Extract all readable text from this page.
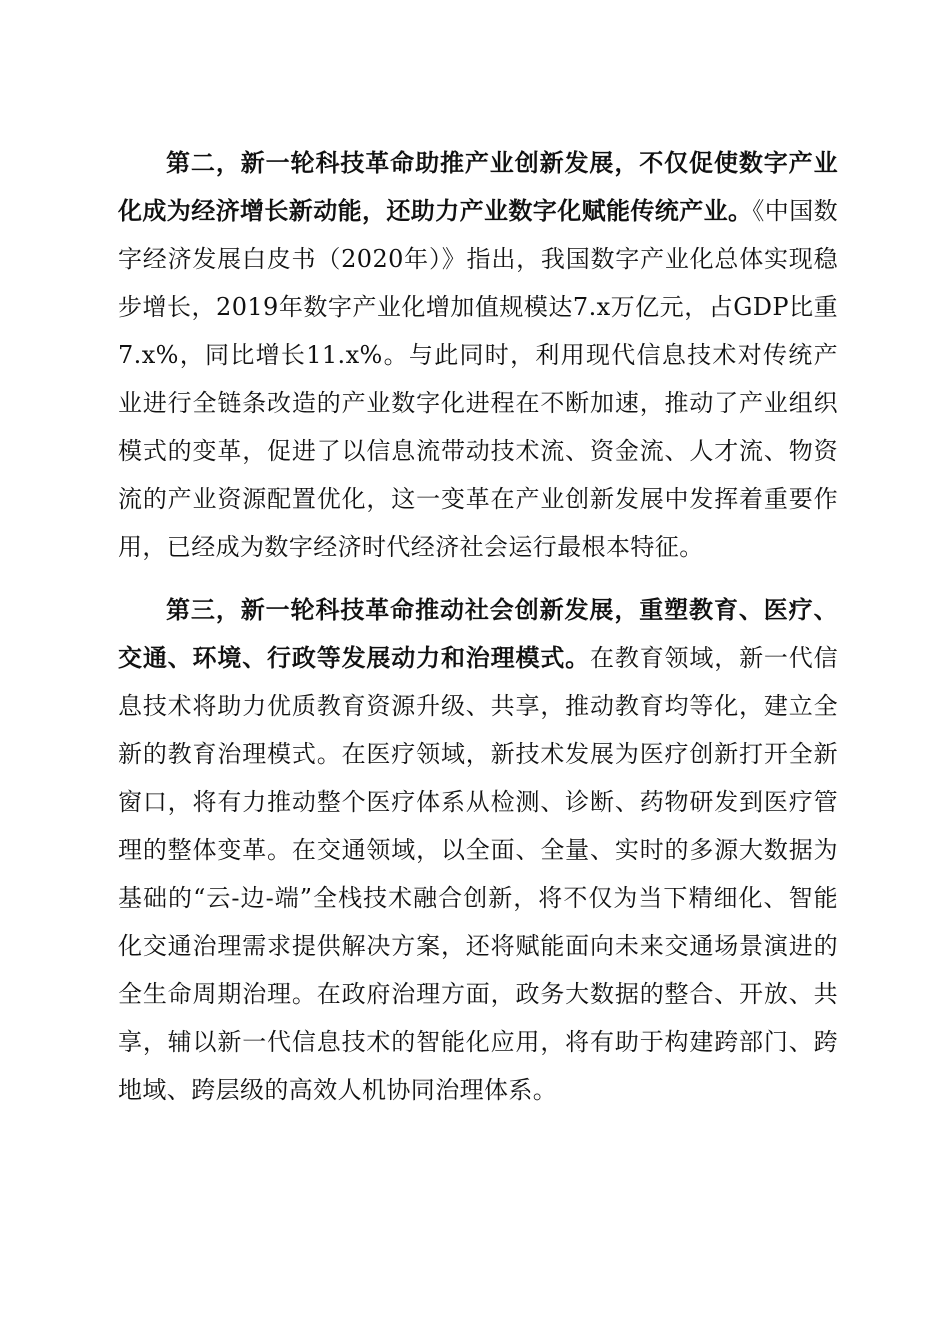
第二，新一轮科技革命助推产业创新发展，不仅促使数字产业化成为经济增长新动能，还助力产业数字化赋能传统产业。《中国数字经济发展白皮书（2020年）》指出，我国数字产业化总体实现稳步增长，2019年数字产业化增加值规模达7.x万亿元，占GDP比重7.x%，同比增长11.x%。与此同时，利用现代信息技术对传统产业进行全链条改造的产业数字化进程在不断加速，推动了产业组织模式的变革，促进了以信息流带动技术流、资金流、人才流、物资流的产业资源配置优化，这一变革在产业创新发展中发挥着重要作用，已经成为数字经济时代经济社会运行最根本特征。

第三，新一轮科技革命推动社会创新发展，重塑教育、医疗、交通、环境、行政等发展动力和治理模式。在教育领域，新一代信息技术将助力优质教育资源升级、共享，推动教育均等化，建立全新的教育治理模式。在医疗领域，新技术发展为医疗创新打开全新窗口，将有力推动整个医疗体系从检测、诊断、药物研发到医疗管理的整体变革。在交通领域，以全面、全量、实时的多源大数据为基础的“云-边-端”全栈技术融合创新，将不仅为当下精细化、智能化交通治理需求提供解决方案，还将赋能面向未来交通场景演进的全生命周期治理。在政府治理方面，政务大数据的整合、开放、共享，辅以新一代信息技术的智能化应用，将有助于构建跨部门、跨地域、跨层级的高效人机协同治理体系。
